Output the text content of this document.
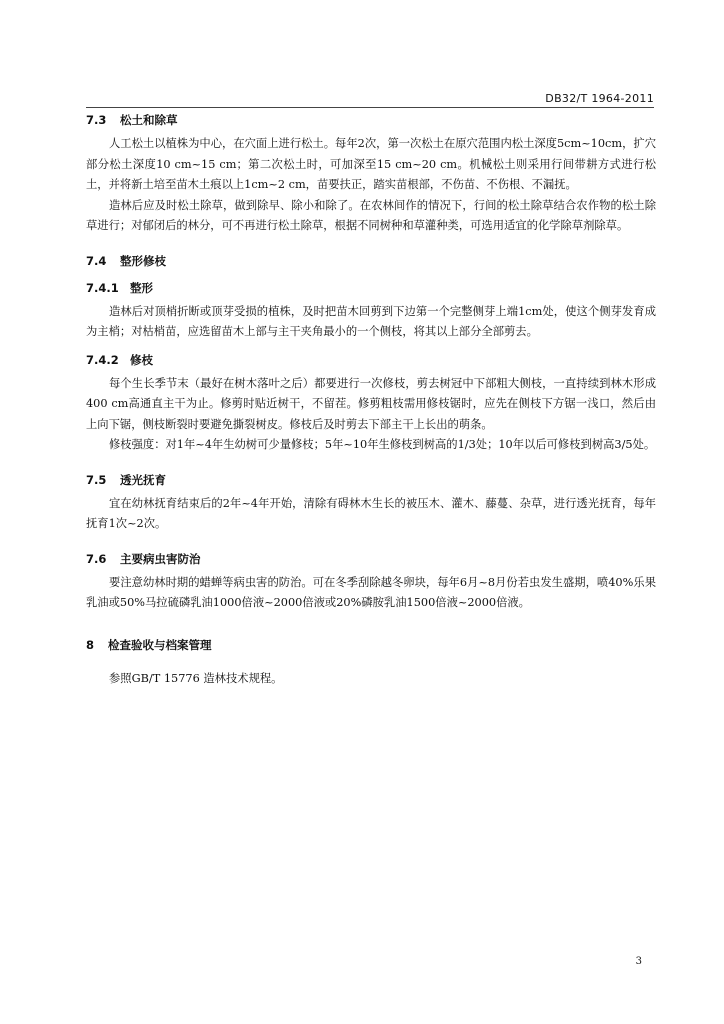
DB32/T 1964-2011
7.3 松土和除草

人工松土以植株为中心，在穴面上进行松土。每年2次，第一次松土在原穴范围内松土深度5cm~10cm，扩穴部分松土深度10 cm~15 cm；第二次松土时，可加深至15 cm~20 cm。机械松土则采用行间带耕方式进行松土，并将新土培至苗木土痕以上1cm~2 cm，苗要扶正，踏实苗根部，不伤苗、不伤根、不漏抚。

造林后应及时松土除草，做到除早、除小和除了。在农林间作的情况下，行间的松土除草结合农作物的松土除草进行；对郁闭后的林分，可不再进行松土除草，根据不同树种和草灌种类，可选用适宜的化学除草剂除草。

7.4 整形修枝
7.4.1 整形

造林后对顶梢折断或顶芽受损的植株，及时把苗木回剪到下边第一个完整侧芽上端1cm处，使这个侧芽发育成为主梢；对枯梢苗，应选留苗木上部与主干夹角最小的一个侧枝，将其以上部分全部剪去。

7.4.2 修枝

每个生长季节末（最好在树木落叶之后）都要进行一次修枝，剪去树冠中下部粗大侧枝，一直持续到林木形成400 cm高通直主干为止。修剪时贴近树干，不留茬。修剪粗枝需用修枝锯时，应先在侧枝下方锯一浅口，然后由上向下锯，侧枝断裂时要避免撕裂树皮。修枝后及时剪去下部主干上长出的萌条。

修枝强度：对1年~4年生幼树可少量修枝；5年~10年生修枝到树高的1/3处；10年以后可修枝到树高3/5处。

7.5 透光抚育

宜在幼林抚育结束后的2年~4年开始，清除有碍林木生长的被压木、灌木、藤蔓、杂草，进行透光抚育，每年抚育1次~2次。

7.6 主要病虫害防治

要注意幼林时期的蜡蝉等病虫害的防治。可在冬季刮除越冬卵块，每年6月~8月份若虫发生盛期，喷40%乐果乳油或50%马拉硫磷乳油1000倍液~2000倍液或20%磷胺乳油1500倍液~2000倍液。

8 检查验收与档案管理

参照GB/T 15776 造林技术规程。

3
